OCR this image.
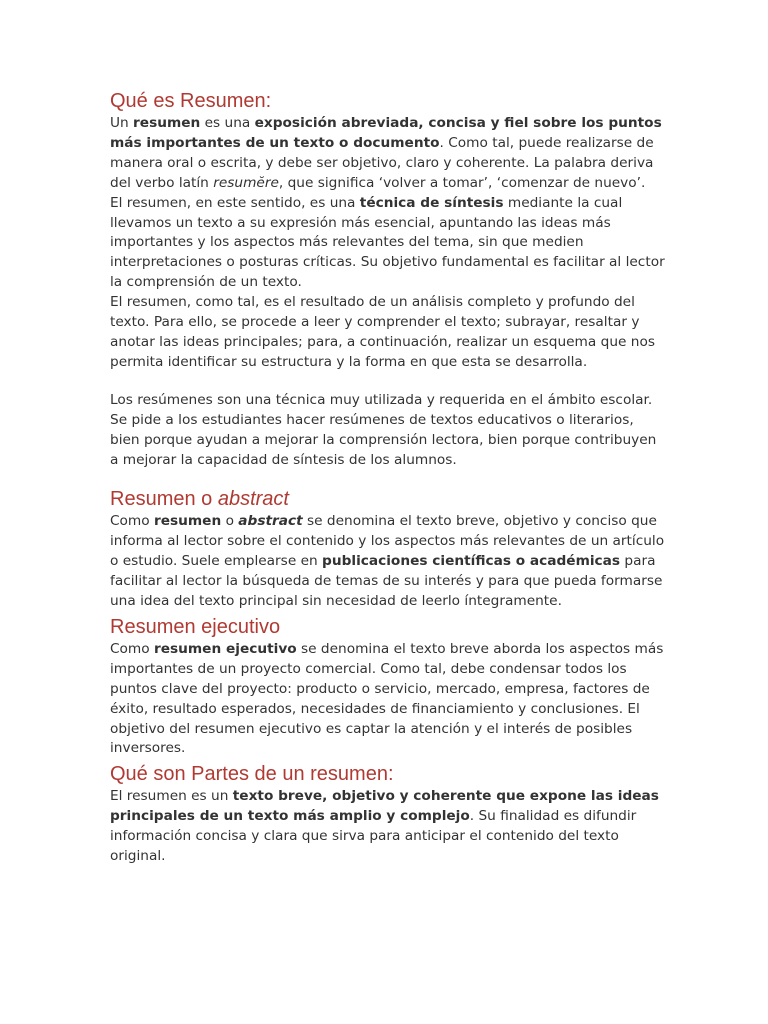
Qué es Resumen:

Un resumen es una exposición abreviada, concisa y fiel sobre los puntos más importantes de un texto o documento. Como tal, puede realizarse de manera oral o escrita, y debe ser objetivo, claro y coherente. La palabra deriva del verbo latín resumĕre, que significa ‘volver a tomar’, ‘comenzar de nuevo’.

El resumen, en este sentido, es una técnica de síntesis mediante la cual llevamos un texto a su expresión más esencial, apuntando las ideas más importantes y los aspectos más relevantes del tema, sin que medien interpretaciones o posturas críticas. Su objetivo fundamental es facilitar al lector la comprensión de un texto.

El resumen, como tal, es el resultado de un análisis completo y profundo del texto. Para ello, se procede a leer y comprender el texto; subrayar, resaltar y anotar las ideas principales; para, a continuación, realizar un esquema que nos permita identificar su estructura y la forma en que esta se desarrolla.

Los resúmenes son una técnica muy utilizada y requerida en el ámbito escolar. Se pide a los estudiantes hacer resúmenes de textos educativos o literarios, bien porque ayudan a mejorar la comprensión lectora, bien porque contribuyen a mejorar la capacidad de síntesis de los alumnos.

Resumen o abstract

Como resumen o abstract se denomina el texto breve, objetivo y conciso que informa al lector sobre el contenido y los aspectos más relevantes de un artículo o estudio. Suele emplearse en publicaciones científicas o académicas para facilitar al lector la búsqueda de temas de su interés y para que pueda formarse una idea del texto principal sin necesidad de leerlo íntegramente.

Resumen ejecutivo

Como resumen ejecutivo se denomina el texto breve aborda los aspectos más importantes de un proyecto comercial. Como tal, debe condensar todos los puntos clave del proyecto: producto o servicio, mercado, empresa, factores de éxito, resultado esperados, necesidades de financiamiento y conclusiones. El objetivo del resumen ejecutivo es captar la atención y el interés de posibles inversores.

Qué son Partes de un resumen:

El resumen es un texto breve, objetivo y coherente que expone las ideas principales de un texto más amplio y complejo. Su finalidad es difundir información concisa y clara que sirva para anticipar el contenido del texto original.
